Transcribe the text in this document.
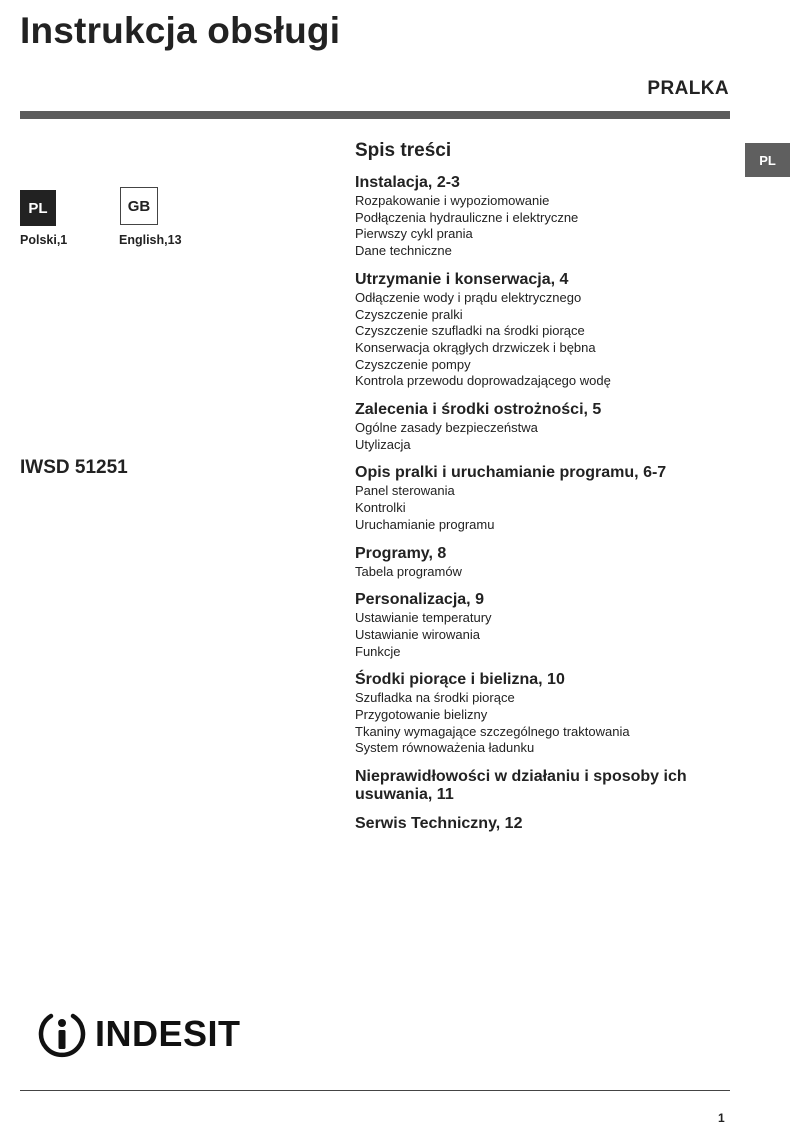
Instrukcja obsługi
PRALKA
PL
PL	GB
Polski,1	English,13
IWSD 51251
Spis treści
Instalacja, 2-3
Rozpakowanie i wypoziomowanie
Podłączenia hydrauliczne i elektryczne
Pierwszy cykl prania
Dane techniczne
Utrzymanie i konserwacja, 4
Odłączenie wody i prądu elektrycznego
Czyszczenie pralki
Czyszczenie szufladki na środki piorące
Konserwacja okrągłych drzwiczek i bębna
Czyszczenie pompy
Kontrola przewodu doprowadzającego wodę
Zalecenia i środki ostrożności, 5
Ogólne zasady bezpieczeństwa
Utylizacja
Opis pralki i uruchamianie programu, 6-7
Panel sterowania
Kontrolki
Uruchamianie programu
Programy, 8
Tabela programów
Personalizacja, 9
Ustawianie temperatury
Ustawianie wirowania
Funkcje
Środki piorące i bielizna, 10
Szufladka na środki piorące
Przygotowanie bielizny
Tkaniny wymagające szczególnego traktowania
System równoważenia ładunku
Nieprawidłowości w działaniu i sposoby ich usuwania, 11
Serwis Techniczny, 12
INDESIT
1
